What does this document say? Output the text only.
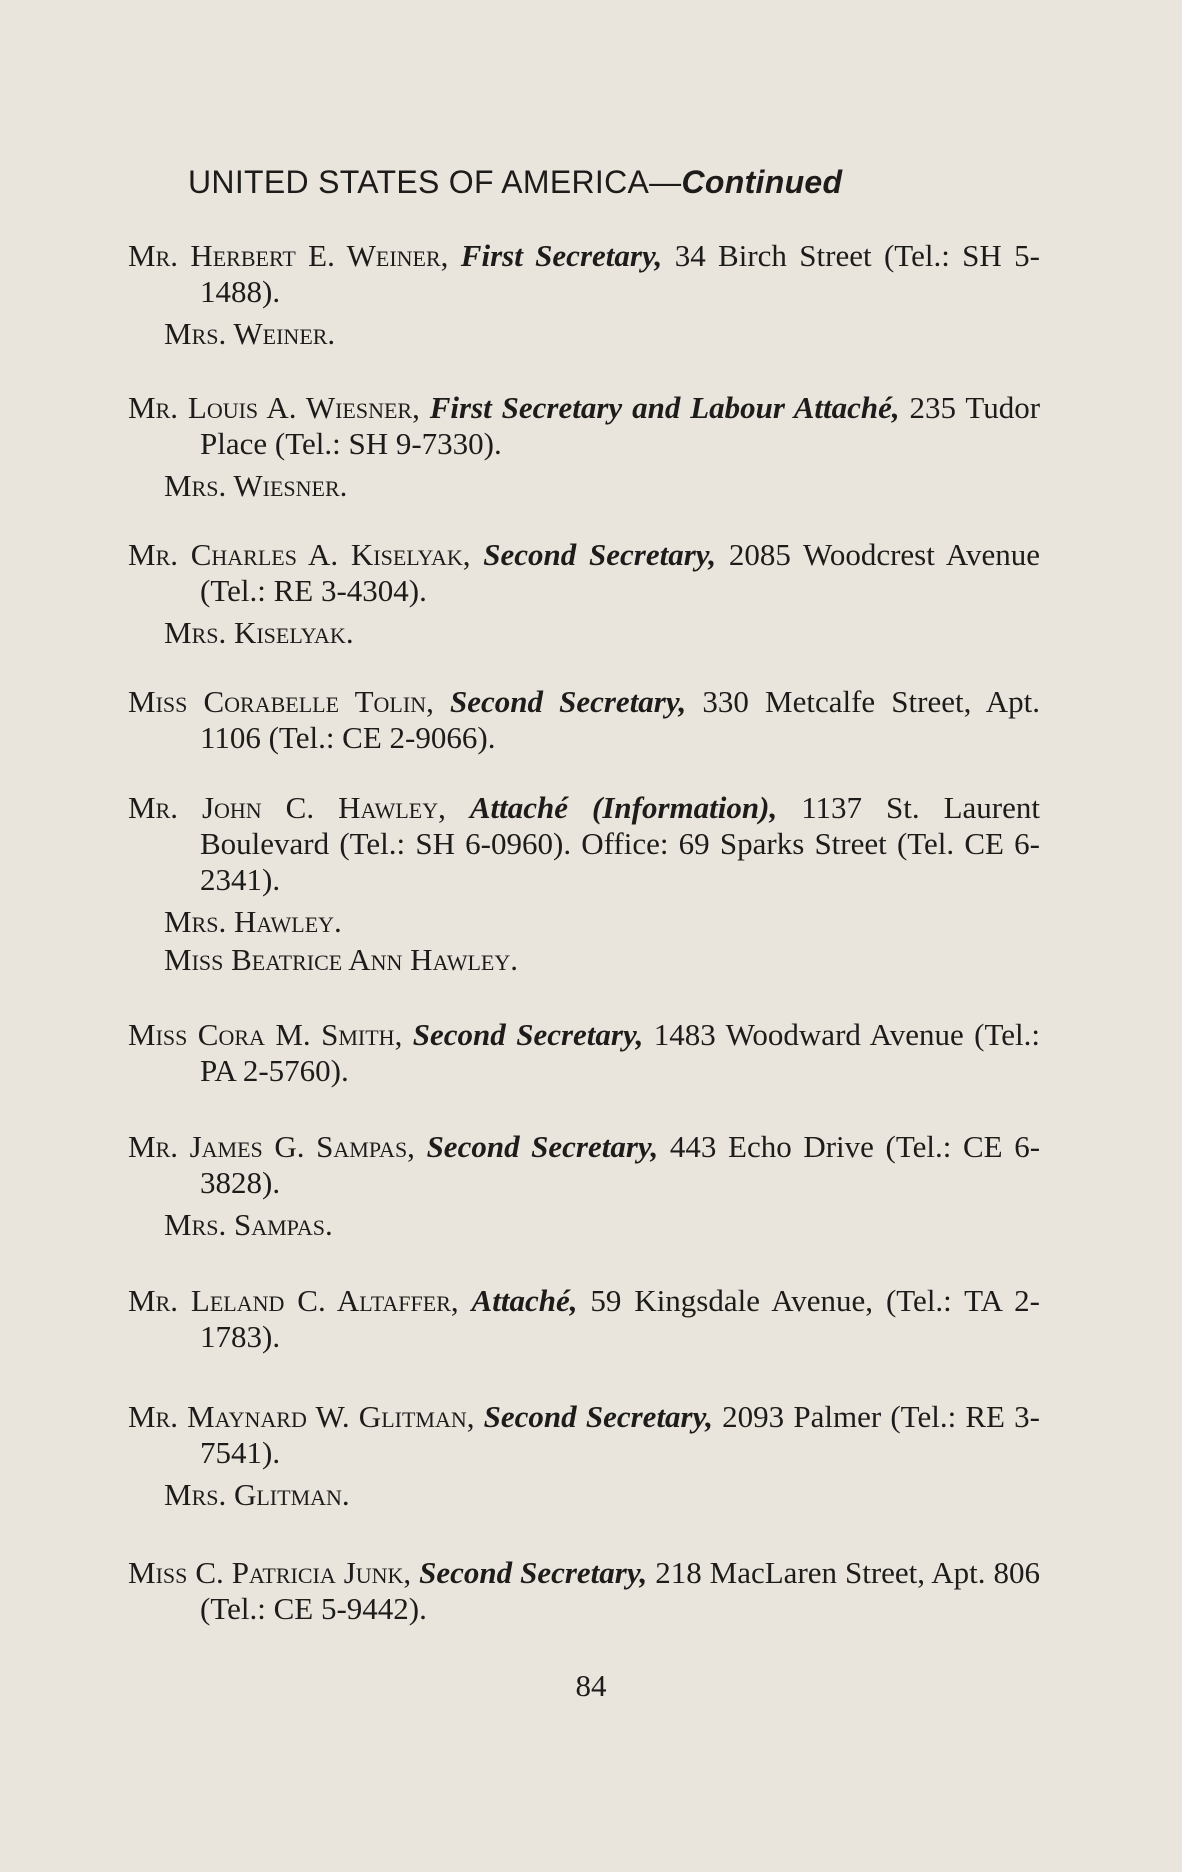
UNITED STATES OF AMERICA—Continued
Mr. Herbert E. Weiner, First Secretary, 34 Birch Street (Tel.: SH 5-1488).
Mrs. Weiner.
Mr. Louis A. Wiesner, First Secretary and Labour Attaché, 235 Tudor Place (Tel.: SH 9-7330).
Mrs. Wiesner.
Mr. Charles A. Kiselyak, Second Secretary, 2085 Woodcrest Avenue (Tel.: RE 3-4304).
Mrs. Kiselyak.
Miss Corabelle Tolin, Second Secretary, 330 Metcalfe Street, Apt. 1106 (Tel.: CE 2-9066).
Mr. John C. Hawley, Attaché (Information), 1137 St. Laurent Boulevard (Tel.: SH 6-0960). Office: 69 Sparks Street (Tel. CE 6-2341).
Mrs. Hawley.
Miss Beatrice Ann Hawley.
Miss Cora M. Smith, Second Secretary, 1483 Woodward Avenue (Tel.: PA 2-5760).
Mr. James G. Sampas, Second Secretary, 443 Echo Drive (Tel.: CE 6-3828).
Mrs. Sampas.
Mr. Leland C. Altaffer, Attaché, 59 Kingsdale Avenue, (Tel.: TA 2-1783).
Mr. Maynard W. Glitman, Second Secretary, 2093 Palmer (Tel.: RE 3-7541).
Mrs. Glitman.
Miss C. Patricia Junk, Second Secretary, 218 MacLaren Street, Apt. 806 (Tel.: CE 5-9442).
84
